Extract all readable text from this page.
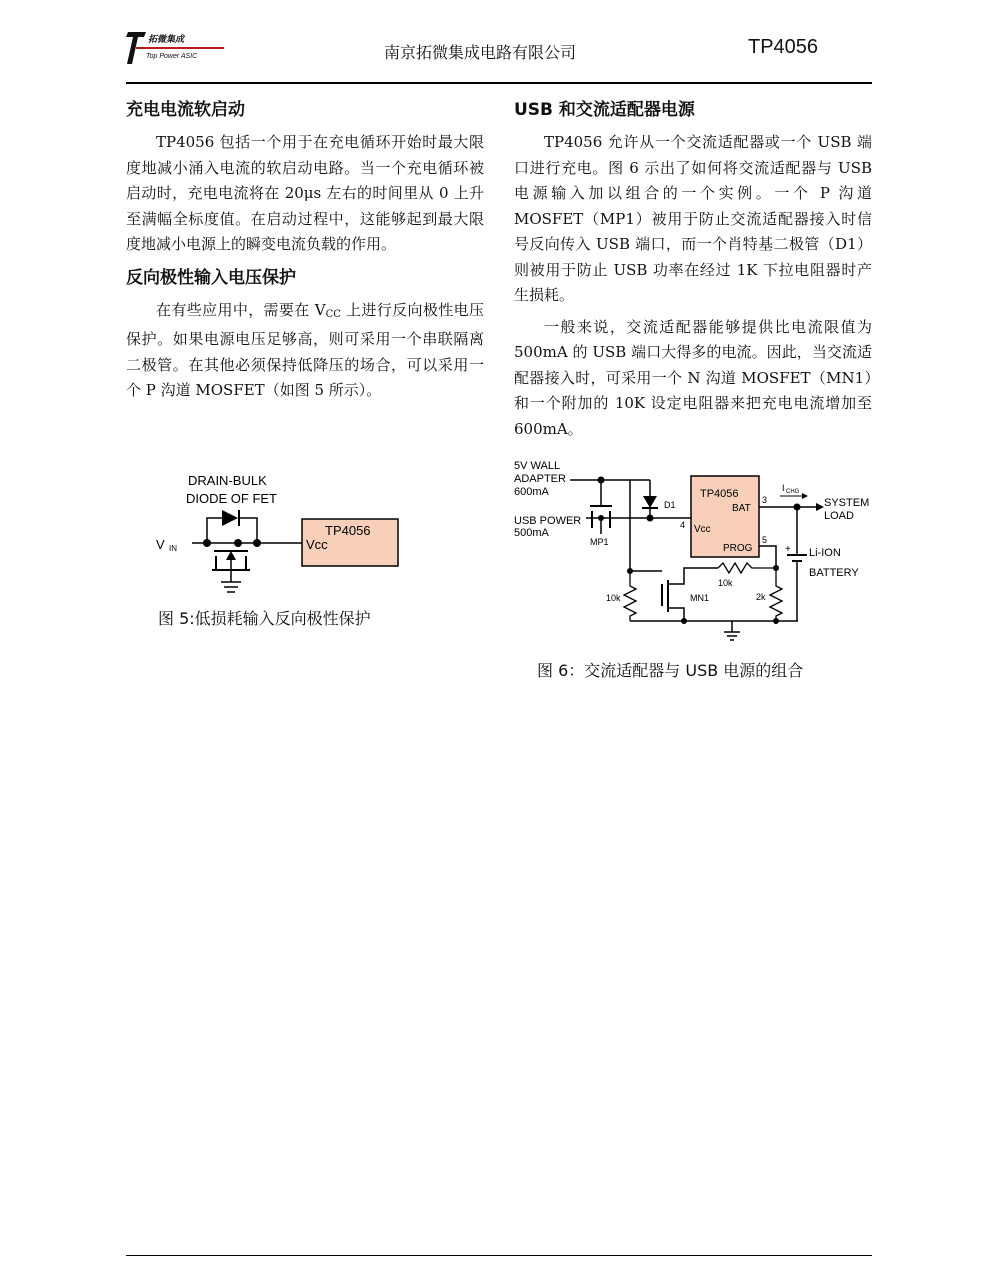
拓微集成
Top Power ASIC	南京拓微集成电路有限公司	TP4056
充电电流软启动

TP4056 包括一个用于在充电循环开始时最大限度地减小涌入电流的软启动电路。当一个充电循环被启动时，充电电流将在 20μs 左右的时间里从 0 上升至满幅全标度值。在启动过程中，这能够起到最大限度地减小电源上的瞬变电流负载的作用。

反向极性输入电压保护

在有些应用中，需要在 $V_{CC}$ 上进行反向极性电压保护。如果电源电压足够高，则可采用一个串联隔离二极管。在其他必须保持低降压的场合，可以采用一个 P 沟道 MOSFET（如图 5 所示）。

DRAIN-BULK
DIODE OF FET
V IN
TP4056
Vcc
图 5:低损耗输入反向极性保护
USB 和交流适配器电源

TP4056 允许从一个交流适配器或一个 USB 端口进行充电。图 6 示出了如何将交流适配器与 USB 电源输入加以组合的一个实例。一个 P 沟道 MOSFET（MP1）被用于防止交流适配器接入时信号反向传入 USB 端口，而一个肖特基二极管（D1）则被用于防止 USB 功率在经过 1K 下拉电阻器时产生损耗。

一般来说，交流适配器能够提供比电流限值为 500mA 的 USB 端口大得多的电流。因此，当交流适配器接入时，可采用一个 N 沟道 MOSFET（MN1）和一个附加的 10K 设定电阻器来把充电电流增加至 600mA。

5V WALL
ADAPTER
600mA
USB POWER
500mA
MP1
D1
10k	MN1
10k
2k
TP4056
BAT
Vcc
PROG
4
3
5
I CHG
+
SYSTEM
LOAD
Li-ION
BATTERY
图 6：交流适配器与 USB 电源的组合
